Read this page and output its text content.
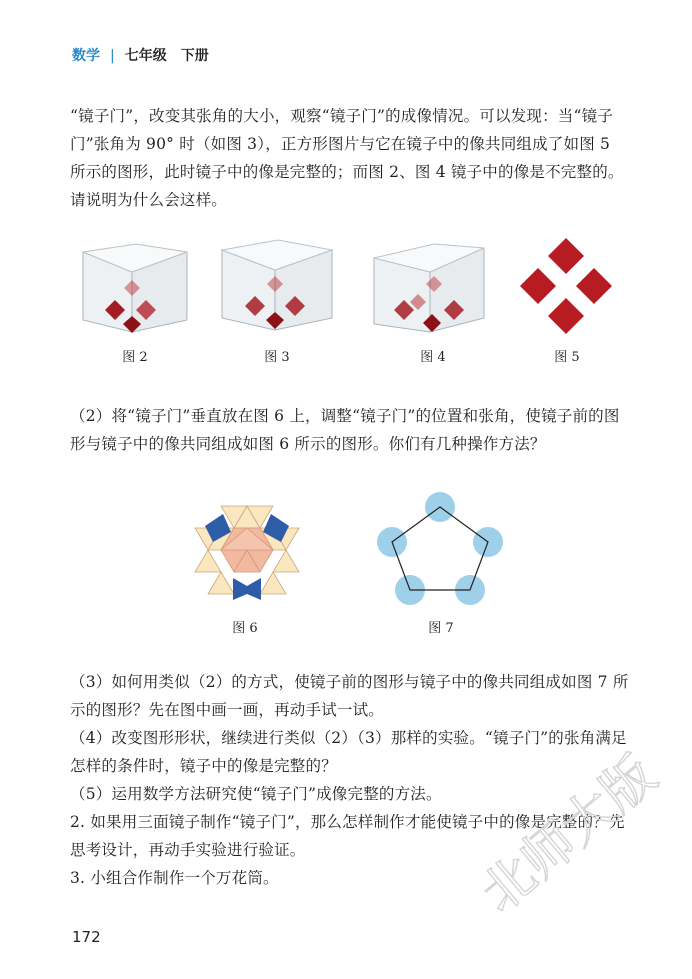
数学 | 七年级　下册
“镜子门”，改变其张角的大小，观察“镜子门”的成像情况。可以发现：当“镜子门”张角为 90° 时（如图 3），正方形图片与它在镜子中的像共同组成了如图 5 所示的图形，此时镜子中的像是完整的；而图 2、图 4 镜子中的像是不完整的。请说明为什么会这样。
图 2	图 3	图 4	图 5
（2）将“镜子门”垂直放在图 6 上，调整“镜子门”的位置和张角，使镜子前的图形与镜子中的像共同组成如图 6 所示的图形。你们有几种操作方法？
图 6	图 7
（3）如何用类似（2）的方式，使镜子前的图形与镜子中的像共同组成如图 7 所示的图形？先在图中画一画，再动手试一试。
（4）改变图形形状，继续进行类似（2）（3）那样的实验。“镜子门”的张角满足怎样的条件时，镜子中的像是完整的？
（5）运用数学方法研究使“镜子门”成像完整的方法。
2. 如果用三面镜子制作“镜子门”，那么怎样制作才能使镜子中的像是完整的？先思考设计，再动手实验进行验证。
3. 小组合作制作一个万花筒。
172
北师大版
